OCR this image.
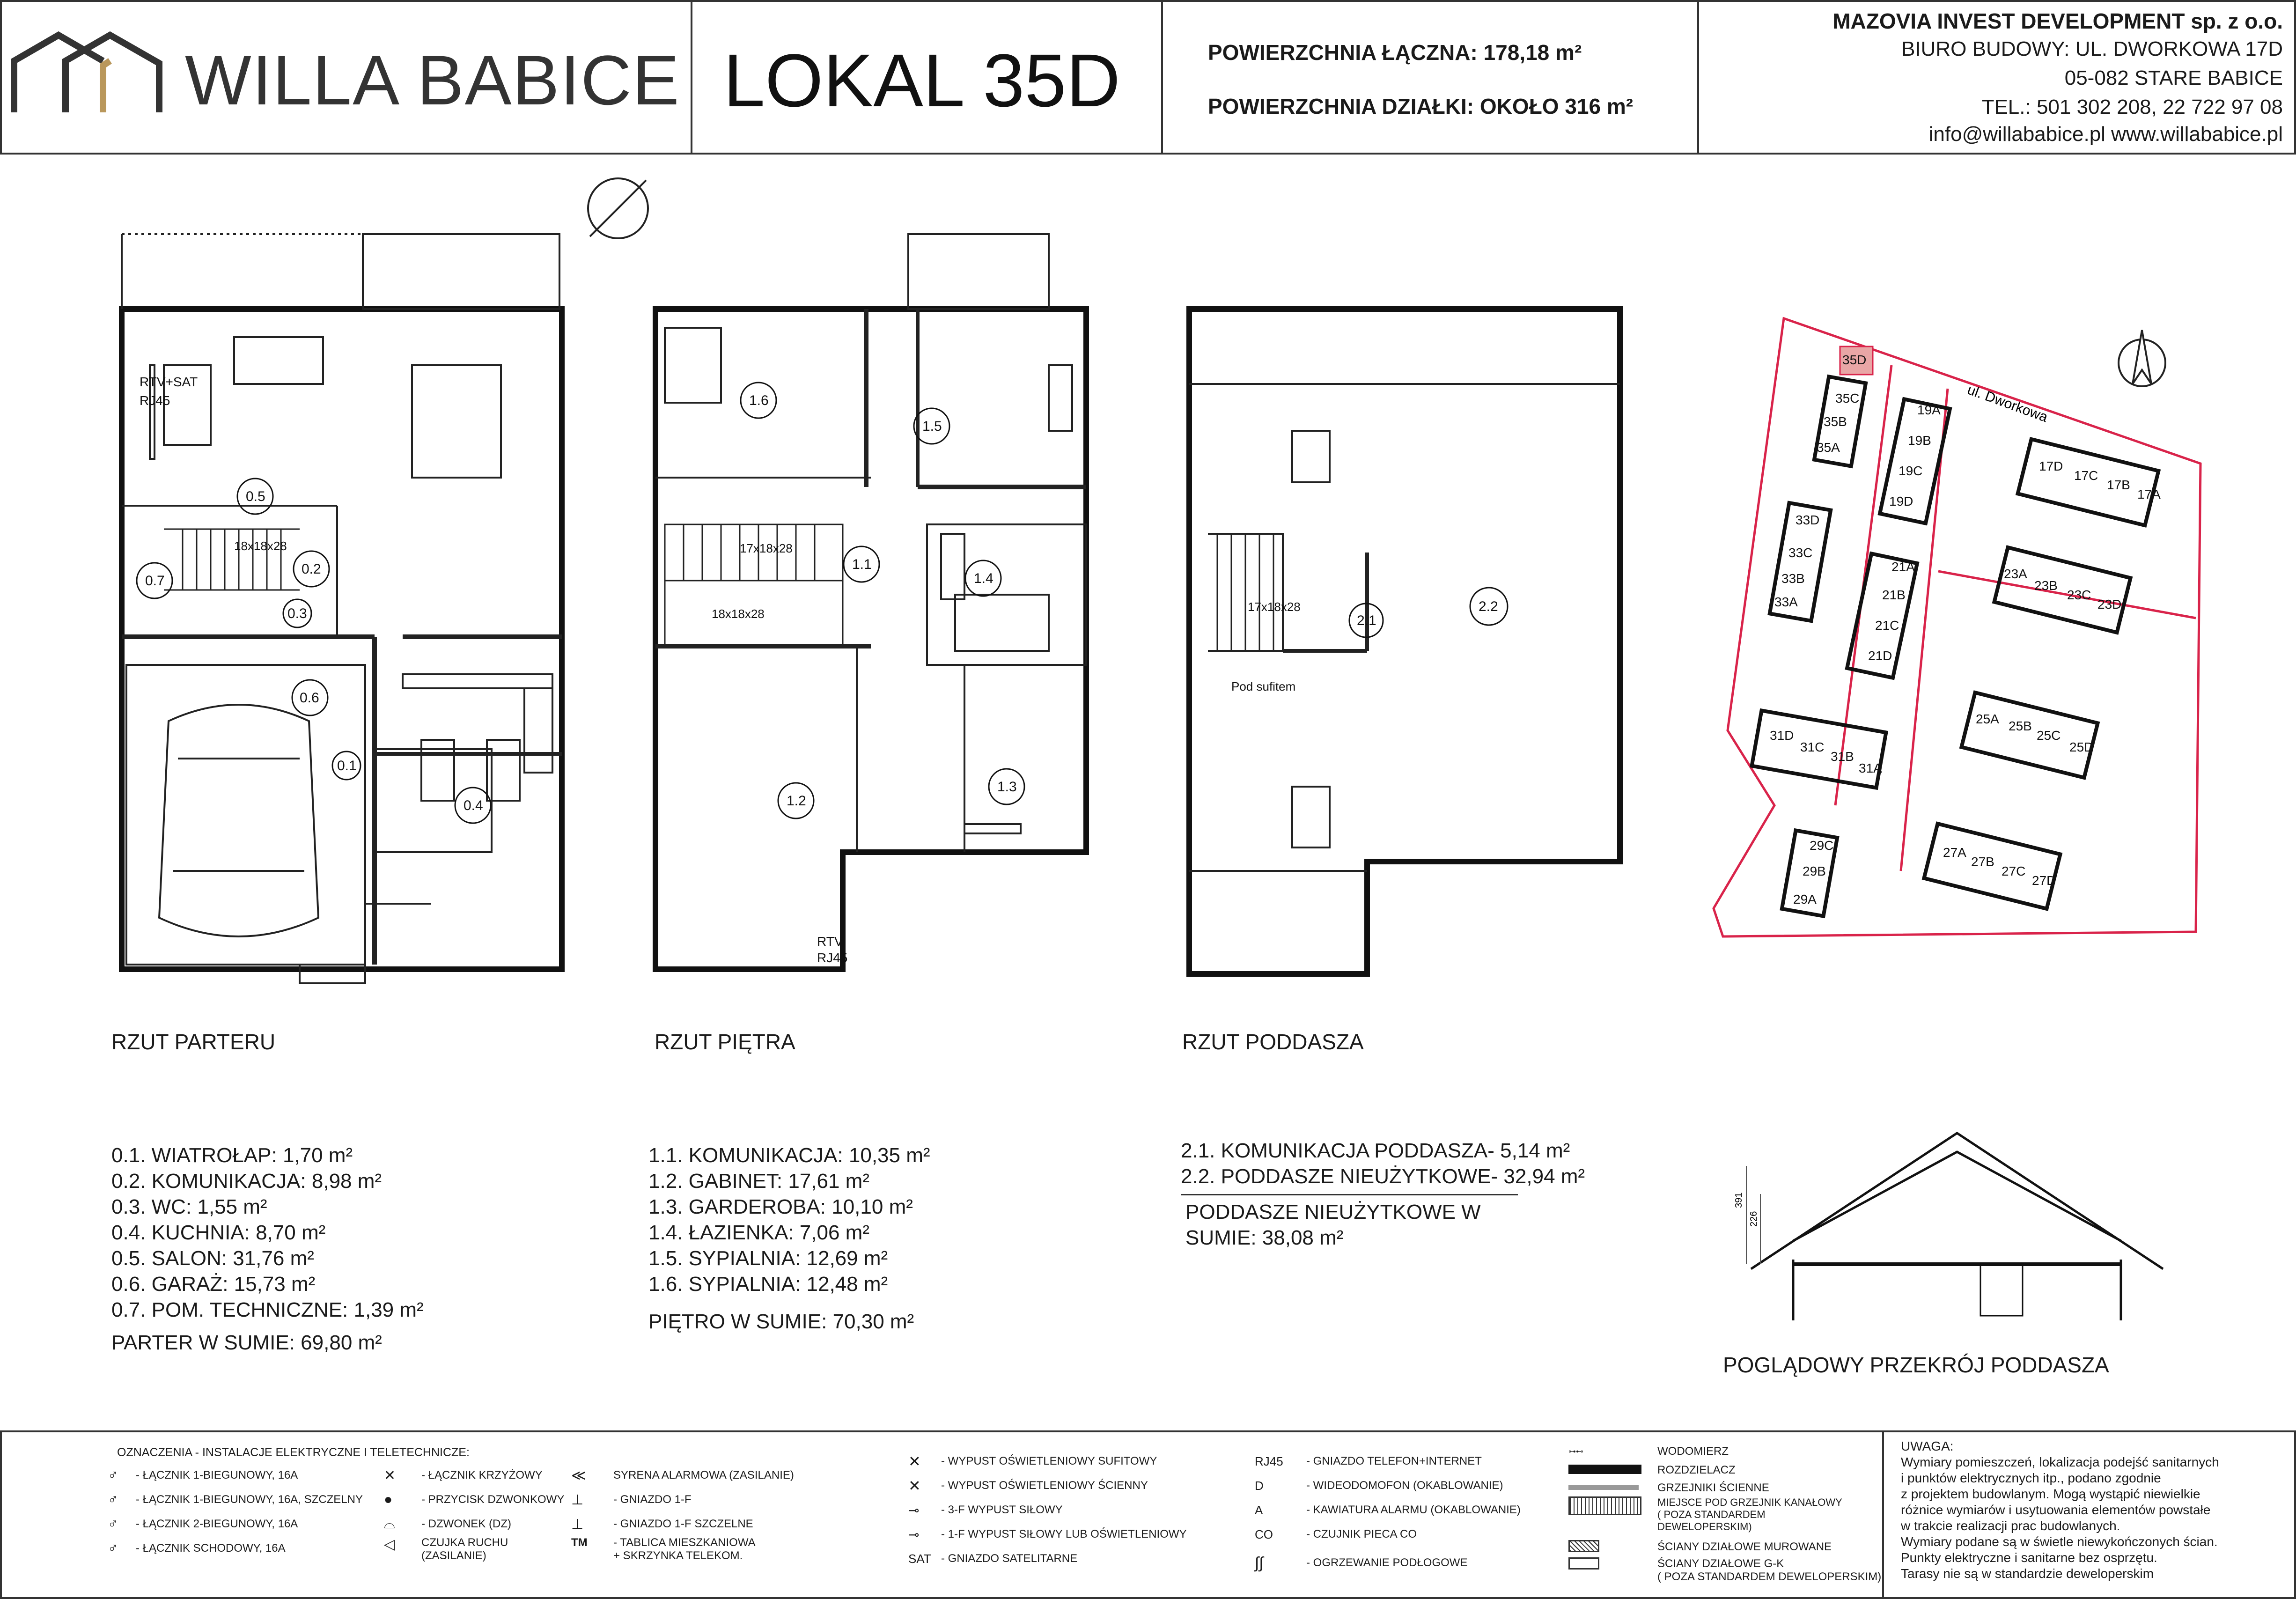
WILLA BABICE LOKAL 35D	POWIERZCHNIA ŁĄCZNA: 178,18 m²
POWIERZCHNIA DZIAŁKI: OKOŁO 316 m²
MAZOVIA INVEST DEVELOPMENT sp. z o.o.
BIURO BUDOWY: UL. DWORKOWA 17D
05-082 STARE BABICE
TEL.: 501 302 208, 22 722 97 08
info@willababice.pl www.willababice.pl
0.5
0.6
0.7
0.2
0.3
0.1
0.4
18x18x28
RTV+SAT
RJ45	1.6
1.5
1.1
1.4
1.2
1.3
17x18x28
18x18x28
RTV
RJ45
2.1
2.2
17x18x28
Pod sufitem
ul. Dworkowa
35D
35C
35B
35A
33D
33C
33B
33A
31D
31C
31B
31A
29C
29B
29A
19A
19B
19C
19D
21A
21B
21C
21D
17D
17C
17B
17A
23A
23B
23C
23D
25A 25B
25C
25D
27A
27B
27C
27D
RZUT PARTERU	RZUT PIĘTRA	RZUT PODDASZA
0.1. WIATROŁAP: 1,70 m²
0.2. KOMUNIKACJA: 8,98 m²
0.3. WC: 1,55 m²
0.4. KUCHNIA: 8,70 m²
0.5. SALON: 31,76 m²
0.6. GARAŻ: 15,73 m²
0.7. POM. TECHNICZNE: 1,39 m²
PARTER W SUMIE: 69,80 m²
1.1. KOMUNIKACJA: 10,35 m²
1.2. GABINET: 17,61 m²
1.3. GARDEROBA: 10,10 m²
1.4. ŁAZIENKA: 7,06 m²
1.5. SYPIALNIA: 12,69 m²
1.6. SYPIALNIA: 12,48 m²
PIĘTRO W SUMIE: 70,30 m²
2.1. KOMUNIKACJA PODDASZA- 5,14 m²
2.2. PODDASZE NIEUŻYTKOWE- 32,94 m²
PODDASZE NIEUŻYTKOWE W
SUMIE: 38,08 m²
391
226
POGLĄDOWY PRZEKRÓJ PODDASZA
OZNACZENIA - INSTALACJE ELEKTRYCZNE I TELETECHNICZE:
♂	- ŁĄCZNIK 1-BIEGUNOWY, 16A
♂	- ŁĄCZNIK 1-BIEGUNOWY, 16A, SZCZELNY
♂	- ŁĄCZNIK 2-BIEGUNOWY, 16A
♂	- ŁĄCZNIK SCHODOWY, 16A
✕	- ŁĄCZNIK KRZYŻOWY
●	- PRZYCISK DZWONKOWY
⌓	- DZWONEK (DZ)
◁	CZUJKA RUCHU
(ZASILANIE)
≪	SYRENA ALARMOWA (ZASILANIE)
⊥	- GNIAZDO 1-F
⊥	- GNIAZDO 1-F SZCZELNE
TM	- TABLICA MIESZKANIOWA
+ SKRZYNKA TELEKOM.
✕	- WYPUST OŚWIETLENIOWY SUFITOWY
✕	- WYPUST OŚWIETLENIOWY ŚCIENNY
⊸	- 3-F WYPUST SIŁOWY
⊸	- 1-F WYPUST SIŁOWY LUB OŚWIETLENIOWY
SAT - GNIAZDO SATELITARNE
RJ45	- GNIAZDO TELEFON+INTERNET
D	- WIDEODOMOFON (OKABLOWANIE)
A	- KAWIATURA ALARMU (OKABLOWANIE)
CO	- CZUJNIK PIECA CO
∫∫	- OGRZEWANIE PODŁOGOWE
⊶⊷	WODOMIERZ
ROZDZIELACZ
GRZEJNIKI ŚCIENNE
MIEJSCE POD GRZEJNIK KANAŁOWY
( POZA STANDARDEM
DEWELOPERSKIM)
ŚCIANY DZIAŁOWE MUROWANE
ŚCIANY DZIAŁOWE G-K
( POZA STANDARDEM DEWELOPERSKIM)
UWAGA:
Wymiary pomieszczeń, lokalizacja podejść sanitarnych
i punktów elektrycznych itp., podano zgodnie
z projektem budowlanym. Mogą wystąpić niewielkie
różnice wymiarów i usytuowania elementów powstałe
w trakcie realizacji prac budowlanych.
Wymiary podane są w świetle niewykończonych ścian.
Punkty elektryczne i sanitarne bez osprzętu.
Tarasy nie są w standardzie deweloperskim
